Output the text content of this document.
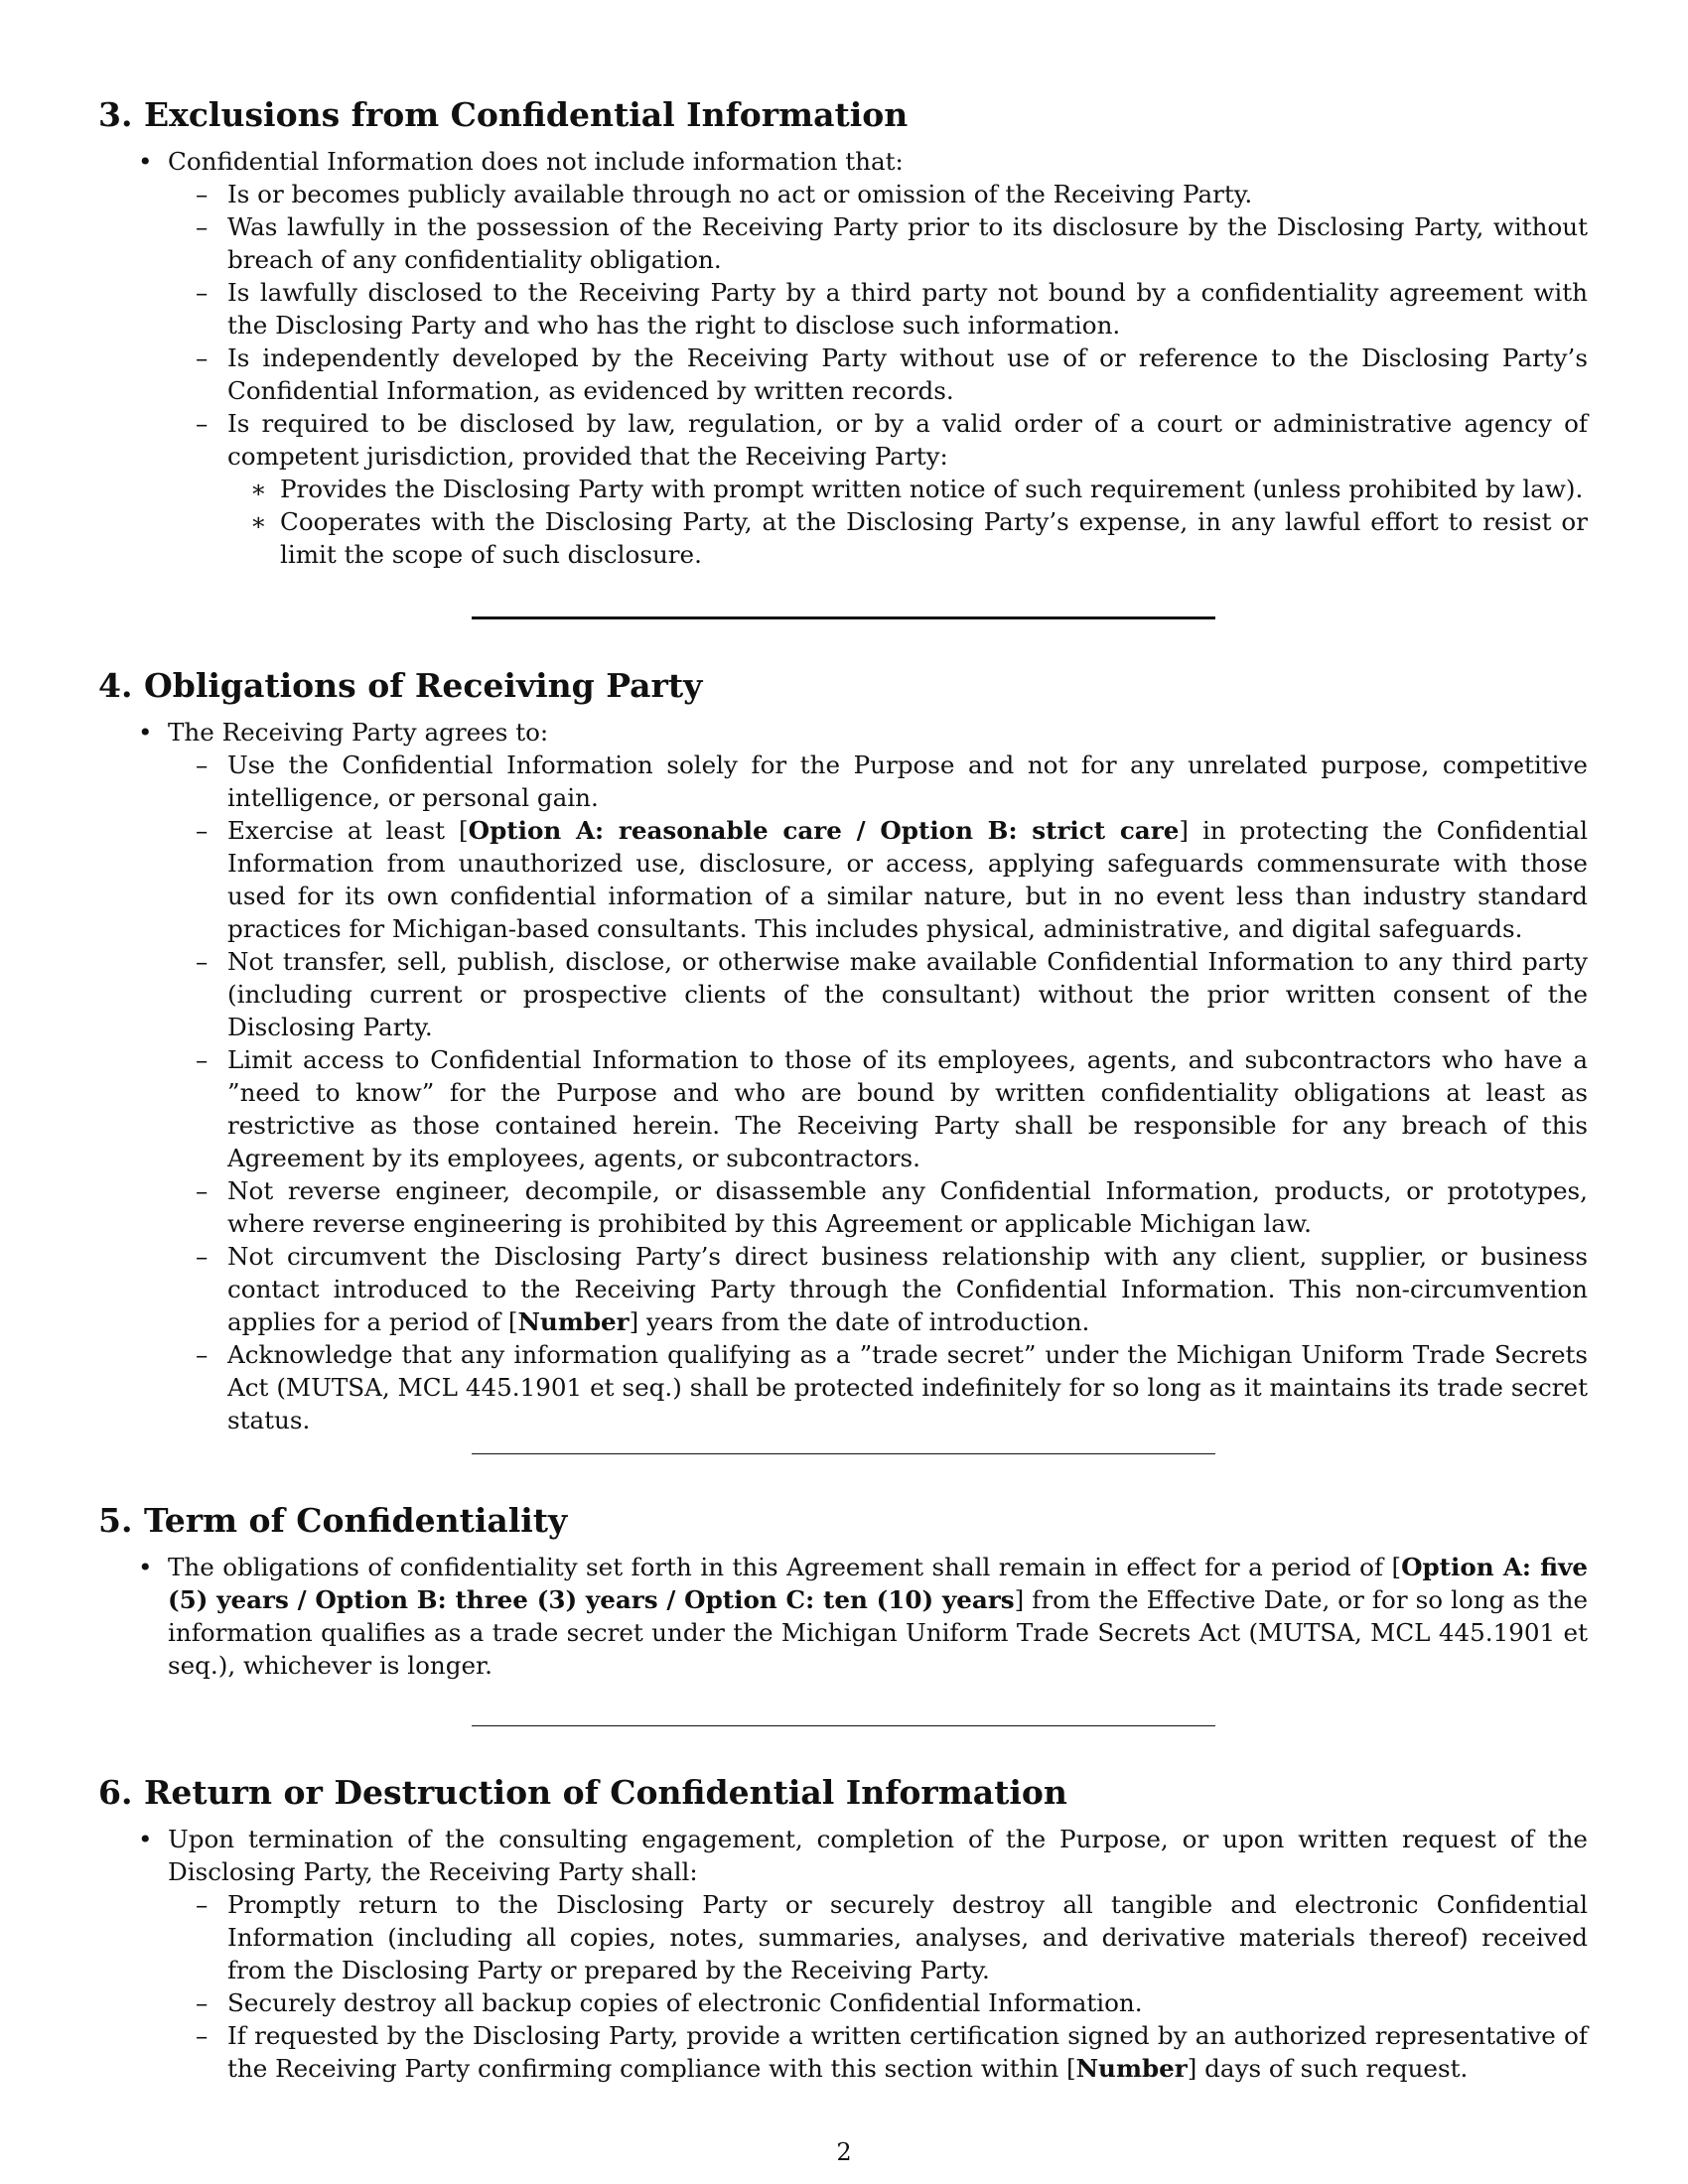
3. Exclusions from Confidential Information
• Confidential Information does not include information that:
– Is or becomes publicly available through no act or omission of the Receiving Party.
– Was lawfully in the possession of the Receiving Party prior to its disclosure by the Disclosing Party, without breach of any confidentiality obligation.
– Is lawfully disclosed to the Receiving Party by a third party not bound by a confidentiality agreement with the Disclosing Party and who has the right to disclose such information.
– Is independently developed by the Receiving Party without use of or reference to the Disclosing Party’s Confidential Information, as evidenced by written records.
– Is required to be disclosed by law, regulation, or by a valid order of a court or administrative agency of competent jurisdiction, provided that the Receiving Party:
∗ Provides the Disclosing Party with prompt written notice of such requirement (unless prohibited by law).
∗ Cooperates with the Disclosing Party, at the Disclosing Party’s expense, in any lawful effort to resist or limit the scope of such disclosure.
4. Obligations of Receiving Party
• The Receiving Party agrees to:
– Use the Confidential Information solely for the Purpose and not for any unrelated purpose, competitive intelligence, or personal gain.
– Exercise at least [Option A: reasonable care / Option B: strict care] in protecting the Confidential Information from unauthorized use, disclosure, or access, applying safeguards commensurate with those used for its own confidential information of a similar nature, but in no event less than industry standard practices for Michigan-based consultants. This includes physical, administrative, and digital safeguards.
– Not transfer, sell, publish, disclose, or otherwise make available Confidential Information to any third party (including current or prospective clients of the consultant) without the prior written consent of the Disclosing Party.
– Limit access to Confidential Information to those of its employees, agents, and subcontractors who have a ”need to know” for the Purpose and who are bound by written confidentiality obligations at least as restrictive as those contained herein. The Receiving Party shall be responsible for any breach of this Agreement by its employees, agents, or subcontractors.
– Not reverse engineer, decompile, or disassemble any Confidential Information, products, or prototypes, where reverse engineering is prohibited by this Agreement or applicable Michigan law.
– Not circumvent the Disclosing Party’s direct business relationship with any client, supplier, or business contact introduced to the Receiving Party through the Confidential Information. This non-circumvention applies for a period of [Number] years from the date of introduction.
– Acknowledge that any information qualifying as a ”trade secret” under the Michigan Uniform Trade Secrets Act (MUTSA, MCL 445.1901 et seq.) shall be protected indefinitely for so long as it maintains its trade secret status.
5. Term of Confidentiality
• The obligations of confidentiality set forth in this Agreement shall remain in effect for a period of [Option A: five (5) years / Option B: three (3) years / Option C: ten (10) years] from the Effective Date, or for so long as the information qualifies as a trade secret under the Michigan Uniform Trade Secrets Act (MUTSA, MCL 445.1901 et seq.), whichever is longer.
6. Return or Destruction of Confidential Information
• Upon termination of the consulting engagement, completion of the Purpose, or upon written request of the Disclosing Party, the Receiving Party shall:
– Promptly return to the Disclosing Party or securely destroy all tangible and electronic Confidential Information (including all copies, notes, summaries, analyses, and derivative materials thereof) received from the Disclosing Party or prepared by the Receiving Party.
– Securely destroy all backup copies of electronic Confidential Information.
– If requested by the Disclosing Party, provide a written certification signed by an authorized representative of the Receiving Party confirming compliance with this section within [Number] days of such request.
2
